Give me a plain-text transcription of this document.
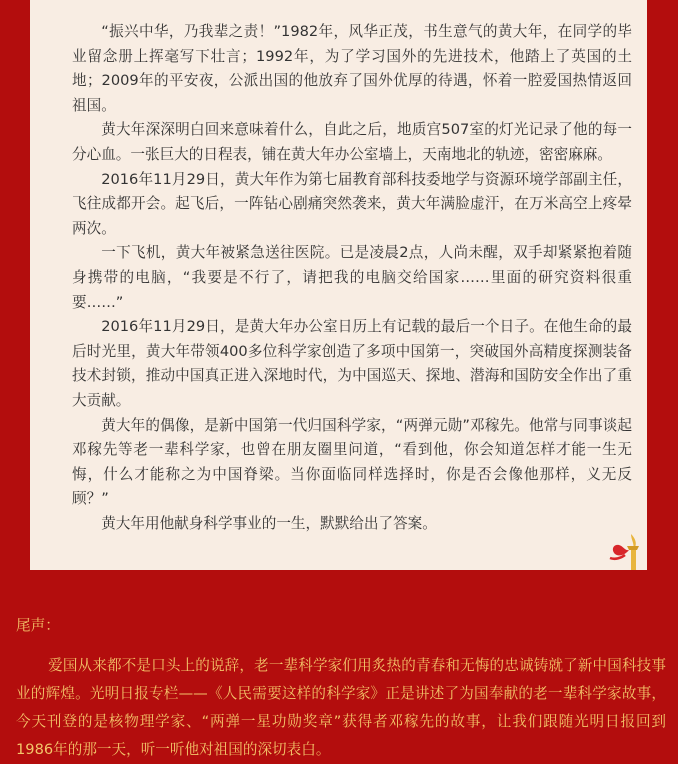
“振兴中华，乃我辈之责！”1982年，风华正茂，书生意气的黄大年，在同学的毕业留念册上挥毫写下壮言；1992年，为了学习国外的先进技术，他踏上了英国的土地；2009年的平安夜，公派出国的他放弃了国外优厚的待遇，怀着一腔爱国热情返回祖国。

黄大年深深明白回来意味着什么，自此之后，地质宫507室的灯光记录了他的每一分心血。一张巨大的日程表，铺在黄大年办公室墙上，天南地北的轨迹，密密麻麻。

2016年11月29日，黄大年作为第七届教育部科技委地学与资源环境学部副主任，飞往成都开会。起飞后，一阵钻心剧痛突然袭来，黄大年满脸虚汗，在万米高空上疼晕两次。

一下飞机，黄大年被紧急送往医院。已是凌晨2点，人尚未醒，双手却紧紧抱着随身携带的电脑，“我要是不行了，请把我的电脑交给国家……里面的研究资料很重要……”

2016年11月29日，是黄大年办公室日历上有记载的最后一个日子。在他生命的最后时光里，黄大年带领400多位科学家创造了多项中国第一，突破国外高精度探测装备技术封锁，推动中国真正进入深地时代，为中国巡天、探地、潜海和国防安全作出了重大贡献。

黄大年的偶像，是新中国第一代归国科学家，“两弹元勋”邓稼先。他常与同事谈起邓稼先等老一辈科学家，也曾在朋友圈里问道，“看到他，你会知道怎样才能一生无悔，什么才能称之为中国脊梁。当你面临同样选择时，你是否会像他那样，义无反顾？”

黄大年用他献身科学事业的一生，默默给出了答案。

尾声：

爱国从来都不是口头上的说辞，老一辈科学家们用炙热的青春和无悔的忠诚铸就了新中国科技事业的辉煌。光明日报专栏——《人民需要这样的科学家》正是讲述了为国奉献的老一辈科学家故事，今天刊登的是核物理学家、“两弹一星功勋奖章”获得者邓稼先的故事，让我们跟随光明日报回到1986年的那一天，听一听他对祖国的深切表白。
